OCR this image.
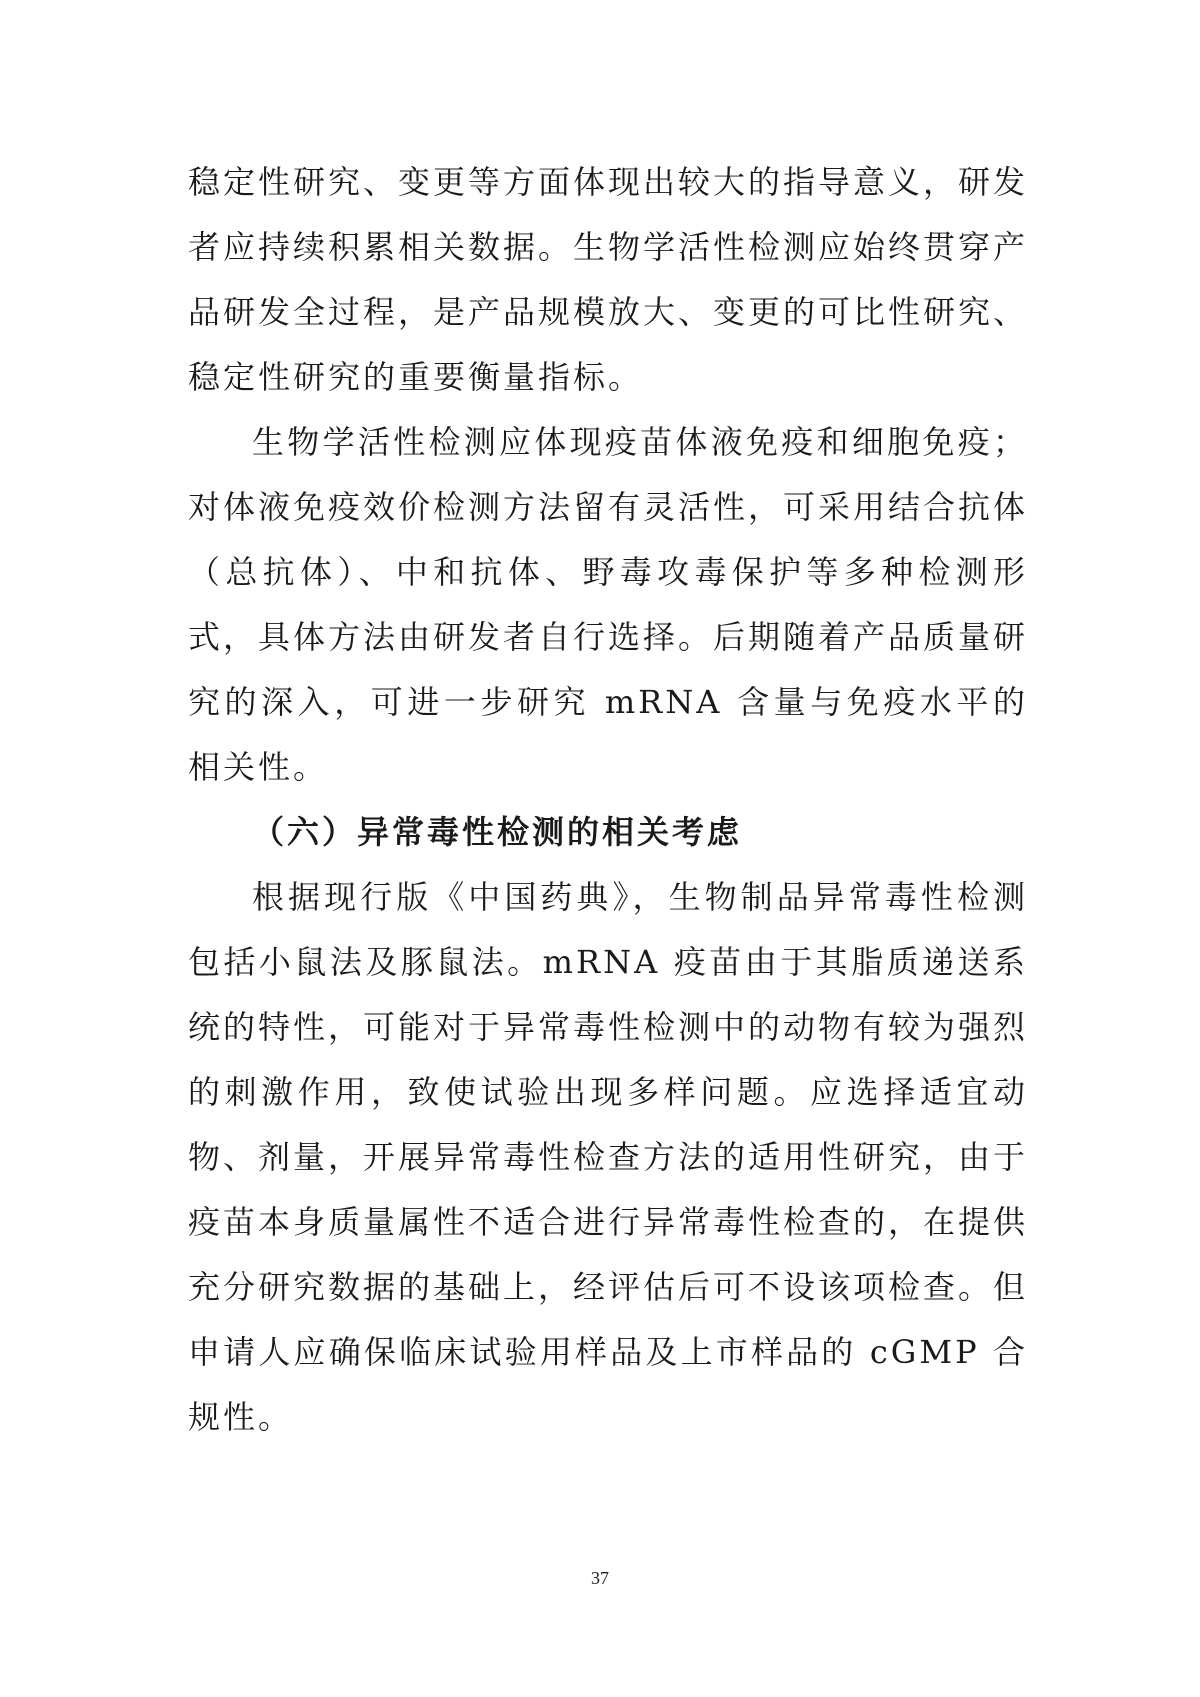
稳定性研究、变更等方面体现出较大的指导意义，研发者应持续积累相关数据。生物学活性检测应始终贯穿产品研发全过程，是产品规模放大、变更的可比性研究、稳定性研究的重要衡量指标。

生物学活性检测应体现疫苗体液免疫和细胞免疫；对体液免疫效价检测方法留有灵活性，可采用结合抗体（总抗体）、中和抗体、野毒攻毒保护等多种检测形式，具体方法由研发者自行选择。后期随着产品质量研究的深入，可进一步研究 mRNA 含量与免疫水平的相关性。

（六）异常毒性检测的相关考虑

根据现行版《中国药典》，生物制品异常毒性检测包括小鼠法及豚鼠法。mRNA 疫苗由于其脂质递送系统的特性，可能对于异常毒性检测中的动物有较为强烈的刺激作用，致使试验出现多样问题。应选择适宜动物、剂量，开展异常毒性检查方法的适用性研究，由于疫苗本身质量属性不适合进行异常毒性检查的，在提供充分研究数据的基础上，经评估后可不设该项检查。但申请人应确保临床试验用样品及上市样品的 cGMP 合规性。

37
